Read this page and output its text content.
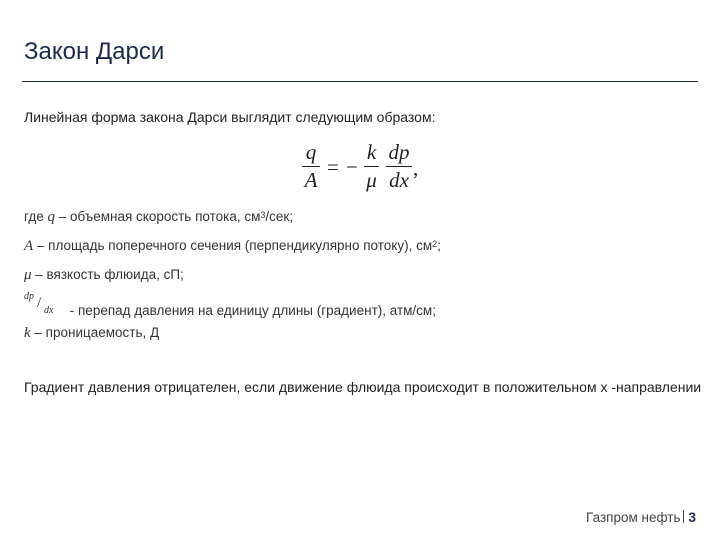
Закон Дарси
Линейная форма закона Дарси выглядит следующим образом:
q
A
= −
k
μ
dp
dx
,
где q – объемная скорость потока, $см^3$/сек;
A – площадь поперечного сечения (перпендикулярно потоку), $см^2$;
μ – вязкость флюида, сП;
dp / dx - перепад давления на единицу длины (градиент), атм/см;
k – проницаемость, Д
Градиент давления отрицателен, если движение флюида происходит в положительном x -направлении
Газпром нефть 3
